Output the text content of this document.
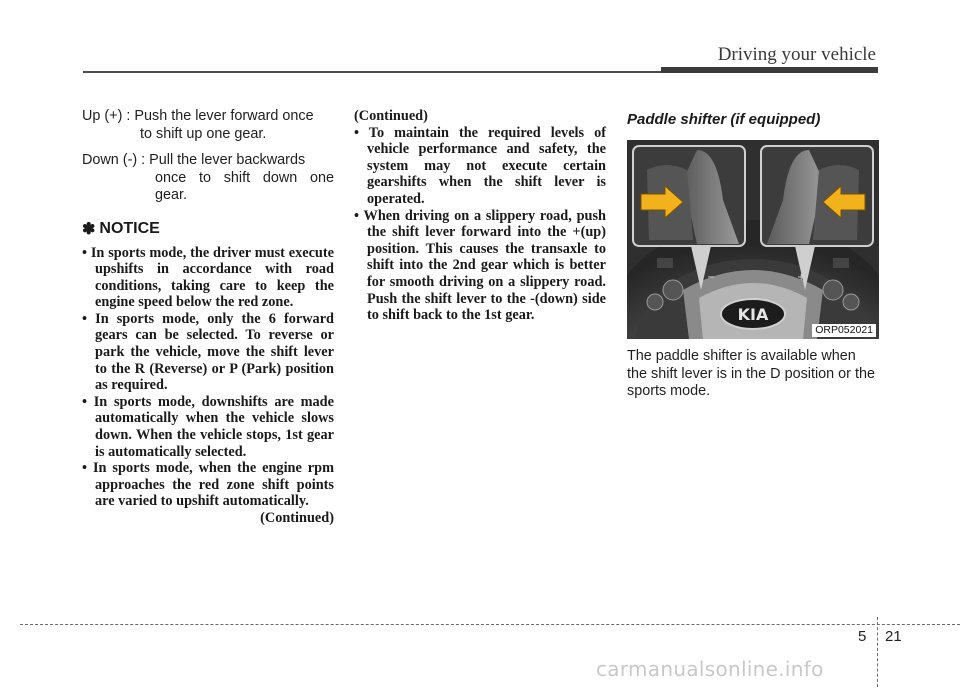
Driving your vehicle
Up (+) : Push the lever forward once
to shift up one gear.
Down (-) : Pull the lever backwards
once to shift down one gear.
✽ NOTICE
• In sports mode, the driver must execute upshifts in accordance with road conditions, taking care to keep the engine speed below the red zone.
• In sports mode, only the 6 forward gears can be selected. To reverse or park the vehicle, move the shift lever to the R (Reverse) or P (Park) position as required.
• In sports mode, downshifts are made automatically when the vehicle slows down. When the vehicle stops, 1st gear is automatically selected.
• In sports mode, when the engine rpm approaches the red zone shift points are varied to upshift automatically.
(Continued)
(Continued)
• To maintain the required levels of vehicle performance and safety, the system may not execute certain gearshifts when the shift lever is operated.
• When driving on a slippery road, push the shift lever forward into the +(up) position. This causes the transaxle to shift into the 2nd gear which is better for smooth driving on a slippery road. Push the shift lever to the -(down) side to shift back to the 1st gear.
Paddle shifter (if equipped)
KIA
−	+
ORP052021
The paddle shifter is available when the shift lever is in the D position or the sports mode.
5 21
carmanualsonline.info
